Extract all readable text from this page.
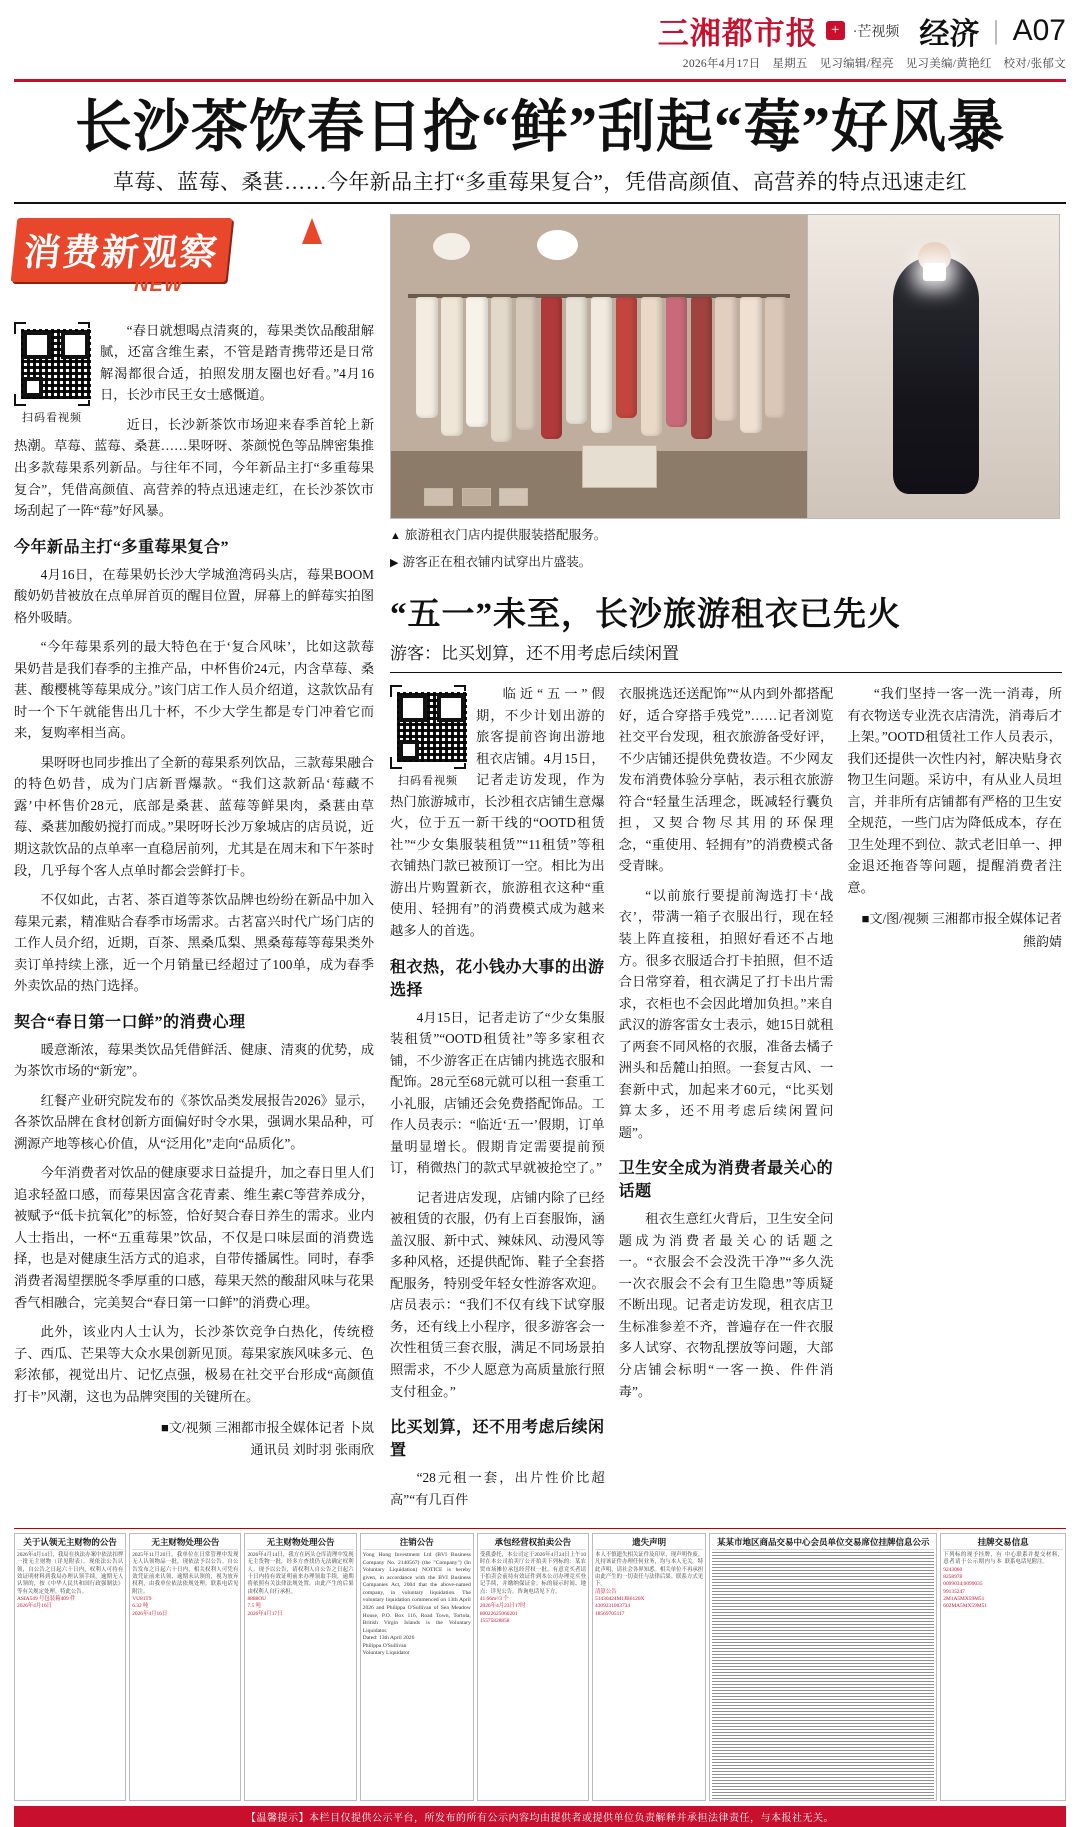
三湘都市报 + ·芒视频 经济 | A07
2026年4月17日　星期五　见习编辑/程亮　见习美编/黄艳红　校对/张郁文
长沙茶饮春日抢“鲜”刮起“莓”好风暴
草莓、蓝莓、桑葚……今年新品主打“多重莓果复合”，凭借高颜值、高营养的特点迅速走红
消费新观察
NEW
扫码看视频

“春日就想喝点清爽的，莓果类饮品酸甜解腻，还富含维生素，不管是踏青携带还是日常解渴都很合适，拍照发朋友圈也好看。”4月16日，长沙市民王女士感慨道。

近日，长沙新茶饮市场迎来春季首轮上新热潮。草莓、蓝莓、桑葚……果呀呀、茶颜悦色等品牌密集推出多款莓果系列新品。与往年不同，今年新品主打“多重莓果复合”，凭借高颜值、高营养的特点迅速走红，在长沙茶饮市场刮起了一阵“莓”好风暴。

今年新品主打“多重莓果复合”

4月16日，在莓果奶长沙大学城渔湾码头店，莓果BOOM酸奶奶昔被放在点单屏首页的醒目位置，屏幕上的鲜莓实拍图格外吸睛。

“今年莓果系列的最大特色在于‘复合风味’，比如这款莓果奶昔是我们春季的主推产品，中杯售价24元，内含草莓、桑葚、酸樱桃等莓果成分。”该门店工作人员介绍道，这款饮品有时一个下午就能售出几十杯，不少大学生都是专门冲着它而来，复购率相当高。

果呀呀也同步推出了全新的莓果系列饮品，三款莓果融合的特色奶昔，成为门店新晋爆款。“我们这款新品‘莓藏不露’中杯售价28元，底部是桑葚、蓝莓等鲜果肉，桑葚由草莓、桑葚加酸奶搅打而成。”果呀呀长沙万象城店的店员说，近期这款饮品的点单率一直稳居前列，尤其是在周末和下午茶时段，几乎每个客人点单时都会尝鲜打卡。

不仅如此，古茗、茶百道等茶饮品牌也纷纷在新品中加入莓果元素，精准贴合春季市场需求。古茗富兴时代广场门店的工作人员介绍，近期，百茶、黑桑瓜梨、黑桑莓莓等莓果类外卖订单持续上涨，近一个月销量已经超过了100单，成为春季外卖饮品的热门选择。

契合“春日第一口鲜”的消费心理

暖意渐浓，莓果类饮品凭借鲜活、健康、清爽的优势，成为茶饮市场的“新宠”。

红餐产业研究院发布的《茶饮品类发展报告2026》显示，各茶饮品牌在食材创新方面偏好时令水果，强调水果品种，可溯源产地等核心价值，从“泛用化”走向“品质化”。

今年消费者对饮品的健康要求日益提升，加之春日里人们追求轻盈口感，而莓果因富含花青素、维生素C等营养成分，被赋予“低卡抗氧化”的标签，恰好契合春日养生的需求。业内人士指出，一杯“五重莓果”饮品，不仅是口味层面的消费选择，也是对健康生活方式的追求，自带传播属性。同时，春季消费者渴望摆脱冬季厚重的口感，莓果天然的酸甜风味与花果香气相融合，完美契合“春日第一口鲜”的消费心理。

此外，该业内人士认为，长沙茶饮竞争白热化，传统橙子、西瓜、芒果等大众水果创新见顶。莓果家族风味多元、色彩浓郁，视觉出片、记忆点强，极易在社交平台形成“高颜值打卡”风潮，这也为品牌突围的关键所在。

■文/视频 三湘都市报全媒体记者 卜岚
通讯员 刘时羽 张雨欣
▲ 旅游租衣门店内提供服装搭配服务。
▶ 游客正在租衣铺内试穿出片盛装。
“五一”未至，长沙旅游租衣已先火
游客：比买划算，还不用考虑后续闲置
扫码看视频

临近“五一”假期，不少计划出游的旅客提前咨询出游地租衣店铺。4月15日，记者走访发现，作为热门旅游城市，长沙租衣店铺生意爆火，位于五一新干线的“OOTD租赁社”“少女集服装租赁”“11租赁”等租衣铺热门款已被预订一空。相比为出游出片购置新衣，旅游租衣这种“重使用、轻拥有”的消费模式成为越来越多人的首选。

租衣热，花小钱办大事的出游选择

4月15日，记者走访了“少女集服装租赁”“OOTD租赁社”等多家租衣铺，不少游客正在店铺内挑选衣服和配饰。28元至68元就可以租一套重工小礼服，店铺还会免费搭配饰品。工作人员表示：“临近‘五一’假期，订单量明显增长。假期肯定需要提前预订，稍微热门的款式早就被抢空了。”

记者进店发现，店铺内除了已经被租赁的衣服，仍有上百套服饰，涵盖汉服、新中式、辣妹风、动漫风等多种风格，还提供配饰、鞋子全套搭配服务，特别受年轻女性游客欢迎。店员表示：“我们不仅有线下试穿服务，还有线上小程序，很多游客会一次性租赁三套衣服，满足不同场景拍照需求，不少人愿意为高质量旅行照支付租金。”

比买划算，还不用考虑后续闲置

“28元租一套，出片性价比超高”“有几百件

衣服挑选还送配饰”“从内到外都搭配好，适合穿搭手残党”……记者浏览社交平台发现，租衣旅游备受好评，不少店铺还提供免费妆造。不少网友发布消费体验分享帖，表示租衣旅游符合“轻量生活理念，既减轻行囊负担，又契合物尽其用的环保理念，“重使用、轻拥有”的消费模式备受青睐。

“以前旅行要提前淘选打卡‘战衣’，带满一箱子衣服出行，现在轻装上阵直接租，拍照好看还不占地方。很多衣服适合打卡拍照，但不适合日常穿着，租衣满足了打卡出片需求，衣柜也不会因此增加负担。”来自武汉的游客雷女士表示，她15日就租了两套不同风格的衣服，准备去橘子洲头和岳麓山拍照。一套复古风、一套新中式，加起来才60元，“比买划算太多，还不用考虑后续闲置问题”。

卫生安全成为消费者最关心的话题

租衣生意红火背后，卫生安全问题成为消费者最关心的话题之一。“衣服会不会没洗干净”“多久洗一次衣服会不会有卫生隐患”等质疑不断出现。记者走访发现，租衣店卫生标准参差不齐，普遍存在一件衣服多人试穿、衣物乱摆放等问题，大部分店铺会标明“一客一换、件件消毒”。

“我们坚持一客一洗一消毒，所有衣物送专业洗衣店清洗，消毒后才上架。”OOTD租赁社工作人员表示，我们还提供一次性内衬，解决贴身衣物卫生问题。采访中，有从业人员坦言，并非所有店铺都有严格的卫生安全规范，一些门店为降低成本，存在卫生处理不到位、款式老旧单一、押金退还拖沓等问题，提醒消费者注意。

■文/图/视频 三湘都市报全媒体记者 熊韵婧
关于认领无主财物的公告
2026年4月14日，我局在执法办案中依法扣押一批无主财物（详见附表）。现依法公告认领，自公告之日起六十日内，权利人可持有效证明材料到我局办理认领手续。逾期无人认领的，按《中华人民共和国行政强制法》等有关规定处理。特此公告。
ASIA549 号包装箱409 件
2026年4月16日
无主财物处理公告
2025年11月20日，我单位在日常管理中发现无人认领物品一批，现依法予以公告。自公告发布之日起六十日内，相关权利人可凭有效凭证前来认领，逾期未认领的，视为放弃权利，由我单位依法依规处理。联系电话见附注。
VU81T9
6.32 吨
2026年4月16日
无主财物处理公告
2026年4月14日，我方在码头仓库清理中发现无主货物一批，经多方查找仍无法确定权利人。现予以公告，请权利人自公告之日起六十日内持有效证明前来办理领取手续，逾期将依照有关法律法规处置，由此产生的后果由权利人自行承担。
8888OU
7.5 吨
2026年4月17日
注销公告
Yong Hong Investment Ltd (BVI Business Company No. 2140567) (the "Company") (In Voluntary Liquidation) NOTICE is hereby given, in accordance with the BVI Business Companies Act, 2004 that the above-named company, in voluntary liquidation. The voluntary liquidation commenced on 13th April 2026 and Philippa O'Sullivan of Sea Meadow House, P.O. Box 116, Road Town, Tortola, British Virgin Islands is the Voluntary Liquidator.
Dated: 13th April 2026
Philippa O'Sullivan
Voluntary Liquidator
承包经营权拍卖公告
受我委托，本公司定于2026年4月24日上午10时在本公司拍卖厅公开拍卖下列标的：某农贸市场摊位承包经营权一批。有意竞买者请于拍卖会前持有效证件到本公司办理竞买登记手续，并缴纳保证金。标的展示时间、地点：详见公告。咨询电话见下方。
41.66m²/3 个
2026年4月23日17时
80022625060201
15575828858
遗失声明
本人不慎遗失相关证件及印章，现声明作废。凡持该证件办理任何业务，均与本人无关。特此声明，请社会各界知悉。相关单位不再承担由此产生的一切责任与法律后果。联系方式见下。
清算公告
51430424M1JB6120X
4309231003734
18569705117
某某市地区商品交易中心会员单位交易席位挂牌信息公示	挂牌交易信息
下列标的现予挂牌，有意者请于公示期内与本中心联系并提交材料，联系电话见附注。
9243060
8258978
0099034;0099035
99135247
2M1A5MX59M51
602MA5MX59M51
【温馨提示】本栏目仅提供公示平台，所发布的所有公示内容均由提供者或提供单位负责解释并承担法律责任，与本报社无关。
